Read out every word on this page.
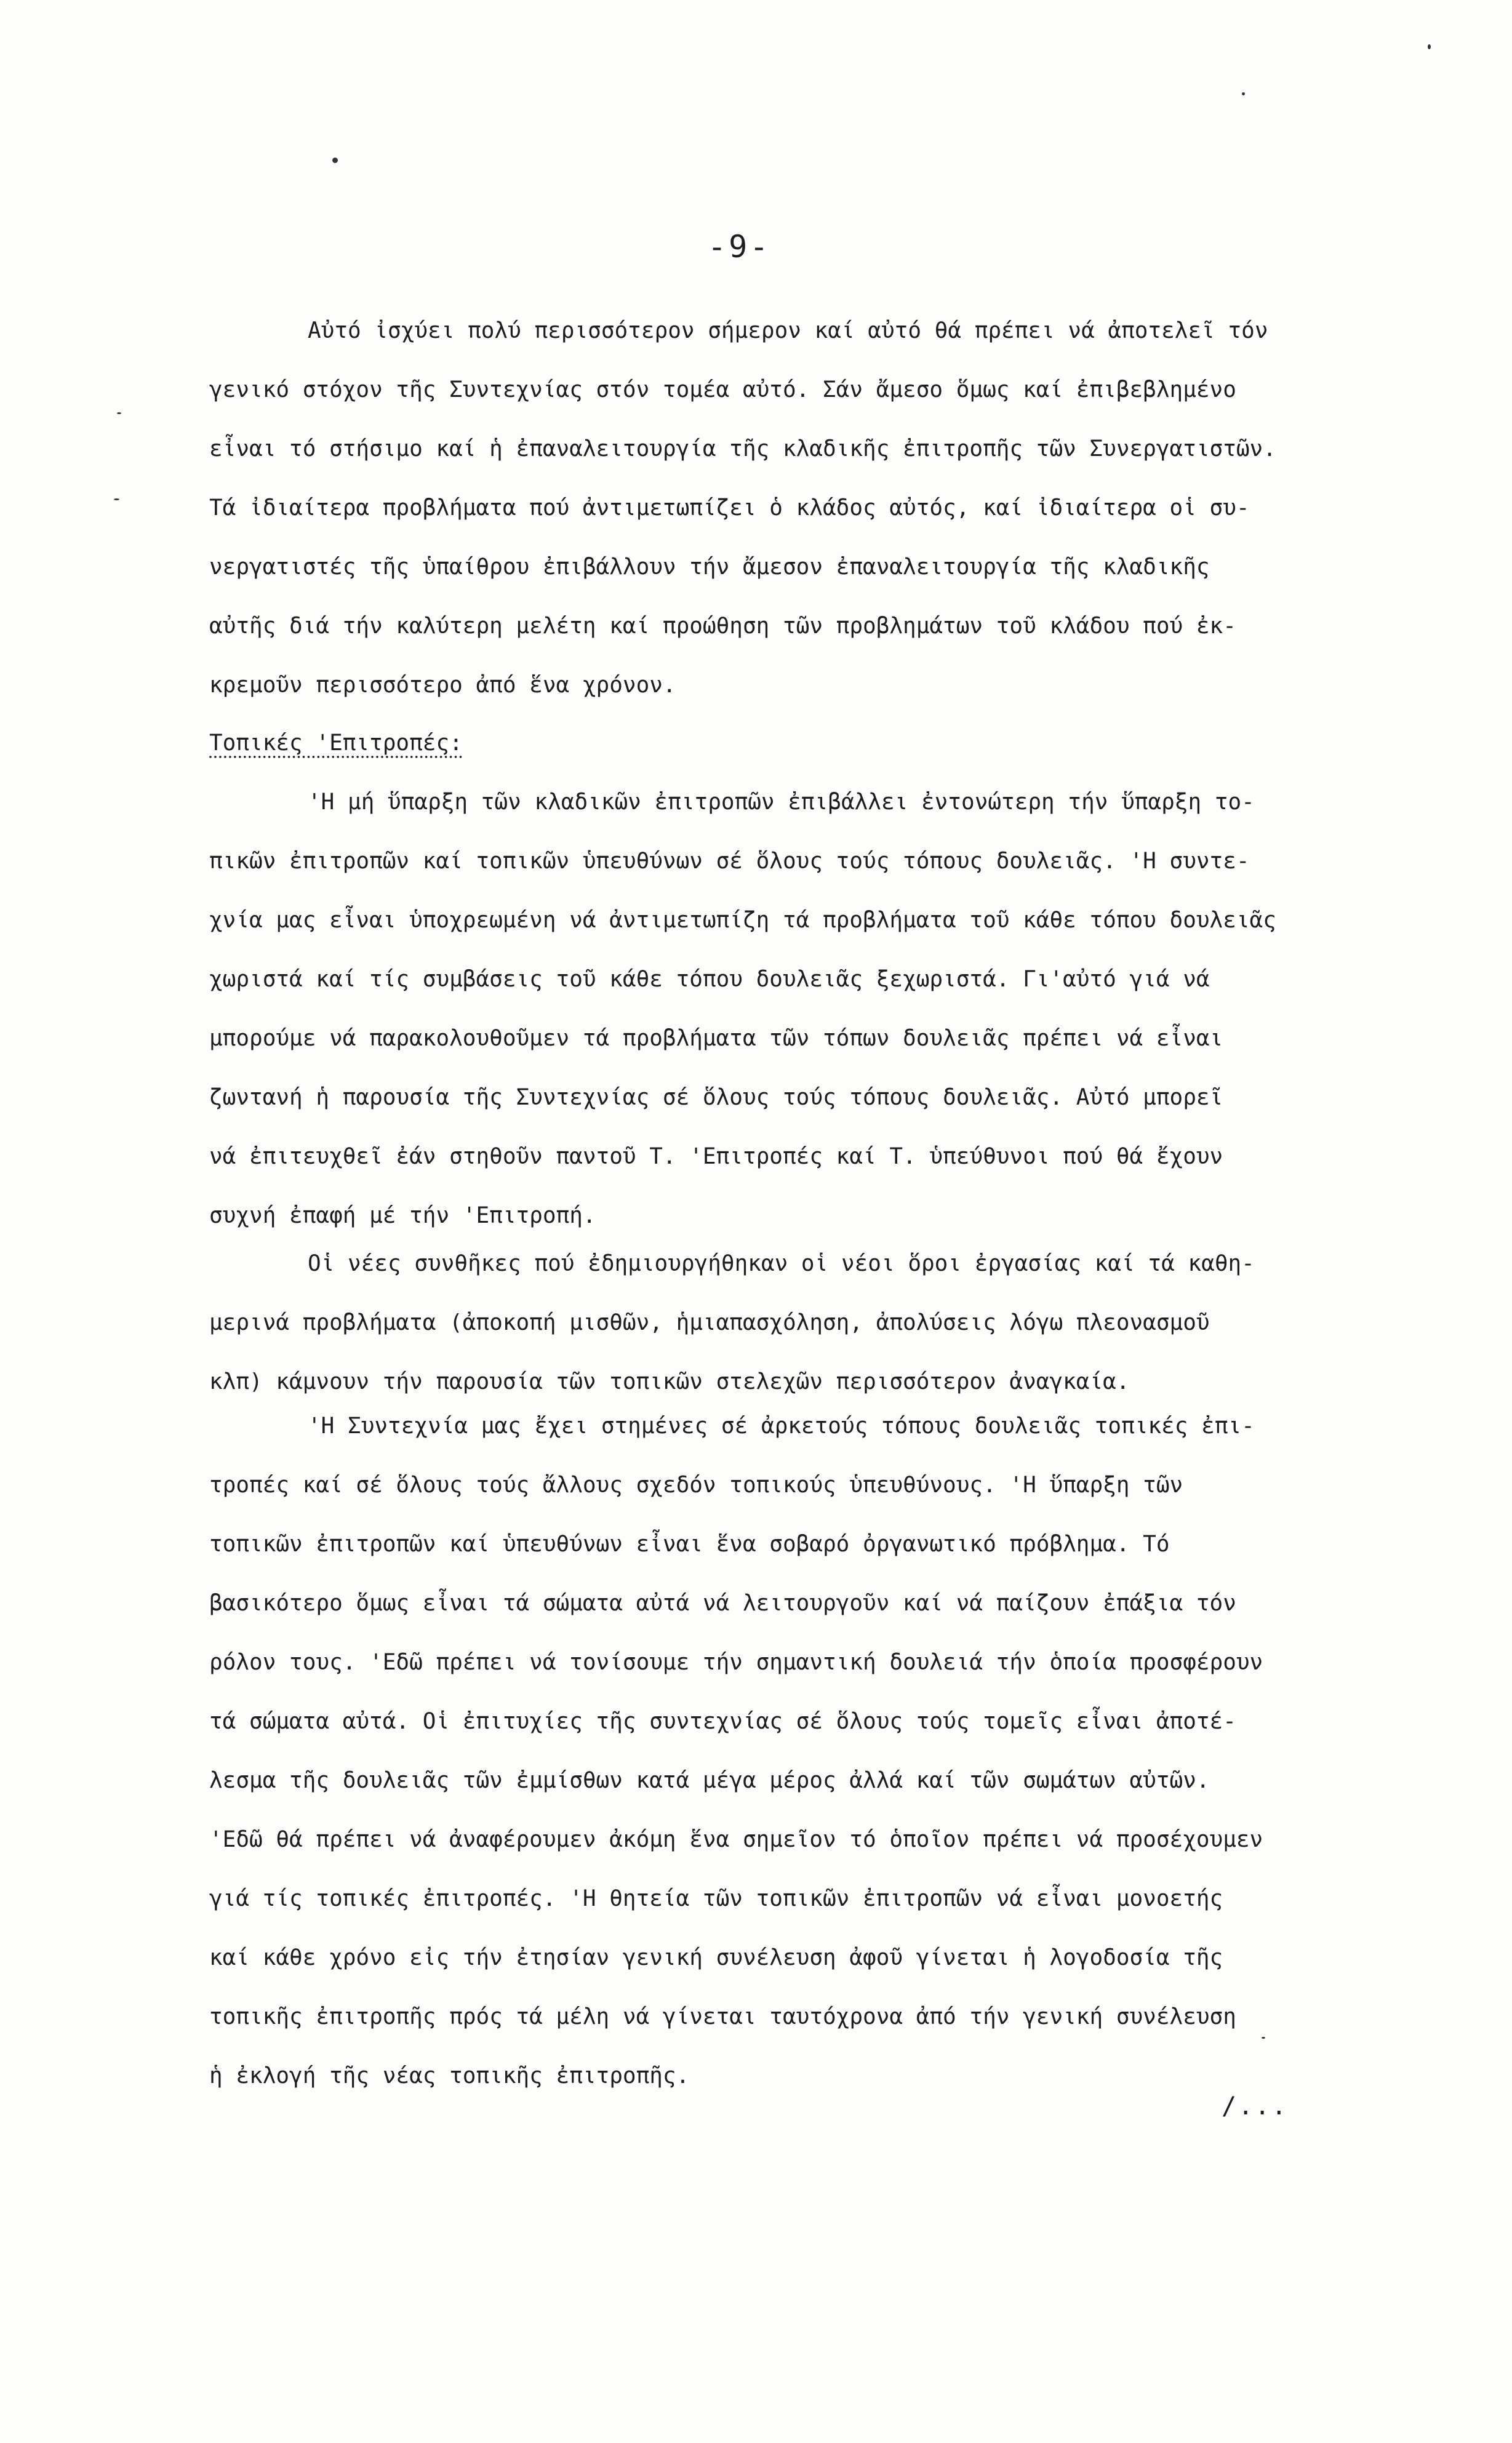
-9-
Αὐτό ἰσχύει πολύ περισσότερον σήμερον καί αὐτό θά πρέπει νά ἀποτελεῖ τόν
γενικό στόχον τῆς Συντεχνίας στόν τομέα αὐτό. Σάν ἄμεσο ὅμως καί ἐπιβεβλημένο
εἶναι τό στήσιμο καί ἡ ἐπαναλειτουργία τῆς κλαδικῆς ἐπιτροπῆς τῶν Συνεργατιστῶν.
Τά ἰδιαίτερα προβλήματα πού ἀντιμετωπίζει ὁ κλάδος αὐτός, καί ἰδιαίτερα οἱ συ-
νεργατιστές τῆς ὑπαίθρου ἐπιβάλλουν τήν ἄμεσον ἐπαναλειτουργία τῆς κλαδικῆς
αὐτῆς διά τήν καλύτερη μελέτη καί προώθηση τῶν προβλημάτων τοῦ κλάδου πού ἐκ-
κρεμοῦν περισσότερο ἀπό ἕνα χρόνον.
Τοπικές 'Επιτροπές:
'Η μή ὕπαρξη τῶν κλαδικῶν ἐπιτροπῶν ἐπιβάλλει ἐντονώτερη τήν ὕπαρξη το-
πικῶν ἐπιτροπῶν καί τοπικῶν ὑπευθύνων σέ ὅλους τούς τόπους δουλειᾶς. 'Η συντε-
χνία μας εἶναι ὑποχρεωμένη νά ἀντιμετωπίζη τά προβλήματα τοῦ κάθε τόπου δουλειᾶς
χωριστά καί τίς συμβάσεις τοῦ κάθε τόπου δουλειᾶς ξεχωριστά. Γι'αὐτό γιά νά
μπορούμε νά παρακολουθοῦμεν τά προβλήματα τῶν τόπων δουλειᾶς πρέπει νά εἶναι
ζωντανή ἡ παρουσία τῆς Συντεχνίας σέ ὅλους τούς τόπους δουλειᾶς. Αὐτό μπορεῖ
νά ἐπιτευχθεῖ ἐάν στηθοῦν παντοῦ Τ. 'Επιτροπές καί Τ. ὑπεύθυνοι πού θά ἔχουν
συχνή ἐπαφή μέ τήν 'Επιτροπή.
Οἱ νέες συνθῆκες πού ἐδημιουργήθηκαν οἱ νέοι ὅροι ἐργασίας καί τά καθη-
μερινά προβλήματα (ἀποκοπή μισθῶν, ἡμιαπασχόληση, ἀπολύσεις λόγω πλεονασμοῦ
κλπ) κάμνουν τήν παρουσία τῶν τοπικῶν στελεχῶν περισσότερον ἀναγκαία.
'Η Συντεχνία μας ἔχει στημένες σέ ἀρκετούς τόπους δουλειᾶς τοπικές ἐπι-
τροπές καί σέ ὅλους τούς ἄλλους σχεδόν τοπικούς ὑπευθύνους. 'Η ὕπαρξη τῶν
τοπικῶν ἐπιτροπῶν καί ὑπευθύνων εἶναι ἕνα σοβαρό ὀργανωτικό πρόβλημα. Τό
βασικότερο ὅμως εἶναι τά σώματα αὐτά νά λειτουργοῦν καί νά παίζουν ἐπάξια τόν
ρόλον τους. 'Εδῶ πρέπει νά τονίσουμε τήν σημαντική δουλειά τήν ὁποία προσφέρουν
τά σώματα αὐτά. Οἱ ἐπιτυχίες τῆς συντεχνίας σέ ὅλους τούς τομεῖς εἶναι ἀποτέ-
λεσμα τῆς δουλειᾶς τῶν ἐμμίσθων κατά μέγα μέρος ἀλλά καί τῶν σωμάτων αὐτῶν.
'Εδῶ θά πρέπει νά ἀναφέρουμεν ἀκόμη ἕνα σημεῖον τό ὁποῖον πρέπει νά προσέχουμεν
γιά τίς τοπικές ἐπιτροπές. 'Η θητεία τῶν τοπικῶν ἐπιτροπῶν νά εἶναι μονοετής
καί κάθε χρόνο εἰς τήν ἐτησίαν γενική συνέλευση ἀφοῦ γίνεται ἡ λογοδοσία τῆς
τοπικῆς ἐπιτροπῆς πρός τά μέλη νά γίνεται ταυτόχρονα ἀπό τήν γενική συνέλευση
ἡ ἐκλογή τῆς νέας τοπικῆς ἐπιτροπῆς.
/...
